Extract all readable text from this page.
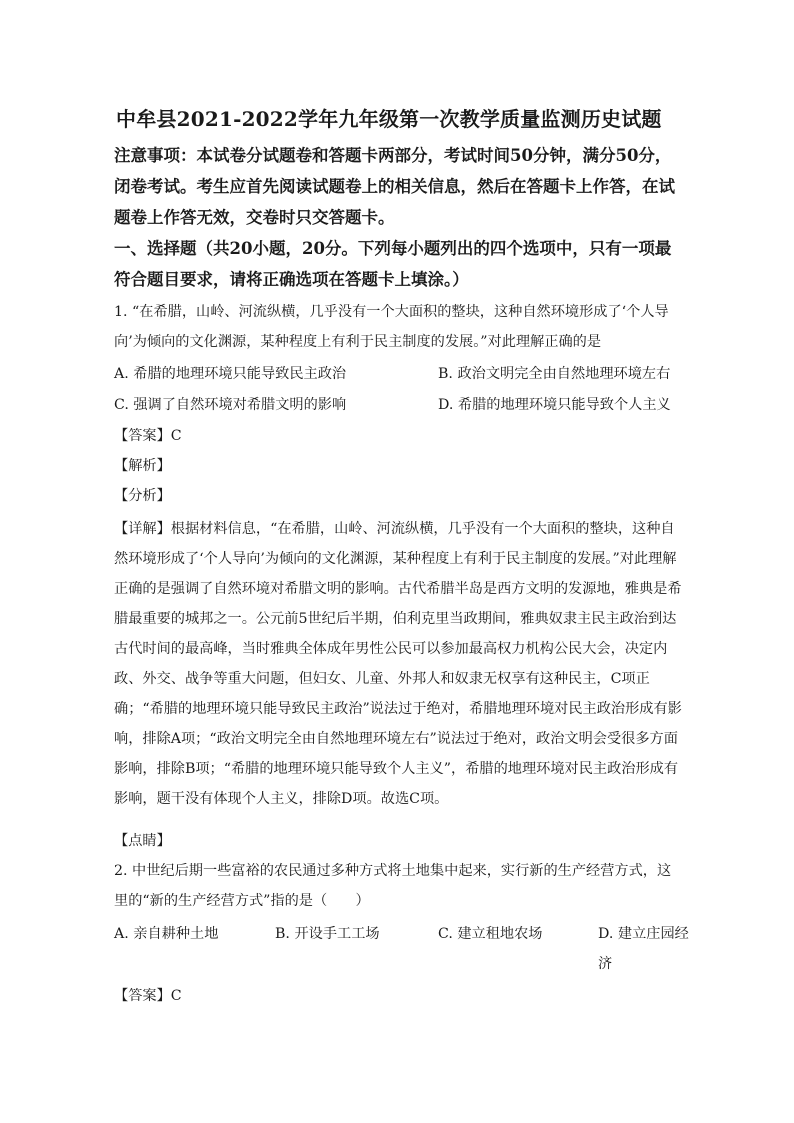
中牟县2021-2022学年九年级第一次教学质量监测历史试题
注意事项：本试卷分试题卷和答题卡两部分，考试时间50分钟，满分50分，闭卷考试。考生应首先阅读试题卷上的相关信息，然后在答题卡上作答，在试题卷上作答无效，交卷时只交答题卡。
一、选择题（共20小题，20分。下列每小题列出的四个选项中，只有一项最符合题目要求，请将正确选项在答题卡上填涂。）
1. “在希腊，山岭、河流纵横，几乎没有一个大面积的整块，这种自然环境形成了‘个人导向’为倾向的文化渊源，某种程度上有利于民主制度的发展。”对此理解正确的是
A. 希腊的地理环境只能导致民主政治	B. 政治文明完全由自然地理环境左右
C. 强调了自然环境对希腊文明的影响	D. 希腊的地理环境只能导致个人主义
【答案】C
【解析】
【分析】
【详解】根据材料信息，“在希腊，山岭、河流纵横，几乎没有一个大面积的整块，这种自然环境形成了‘个人导向’为倾向的文化渊源，某种程度上有利于民主制度的发展。”对此理解正确的是强调了自然环境对希腊文明的影响。古代希腊半岛是西方文明的发源地，雅典是希腊最重要的城邦之一。公元前5世纪后半期，伯利克里当政期间，雅典奴隶主民主政治到达古代时间的最高峰，当时雅典全体成年男性公民可以参加最高权力机构公民大会，决定内政、外交、战争等重大问题，但妇女、儿童、外邦人和奴隶无权享有这种民主，C项正确；“希腊的地理环境只能导致民主政治”说法过于绝对，希腊地理环境对民主政治形成有影响，排除A项；“政治文明完全由自然地理环境左右”说法过于绝对，政治文明会受很多方面影响，排除B项；“希腊的地理环境只能导致个人主义”，希腊的地理环境对民主政治形成有影响，题干没有体现个人主义，排除D项。故选C项。
【点睛】
2. 中世纪后期一些富裕的农民通过多种方式将土地集中起来，实行新的生产经营方式，这里的“新的生产经营方式”指的是（　　）
A. 亲自耕种土地	B. 开设手工工场	C. 建立租地农场	D. 建立庄园经济
【答案】C
